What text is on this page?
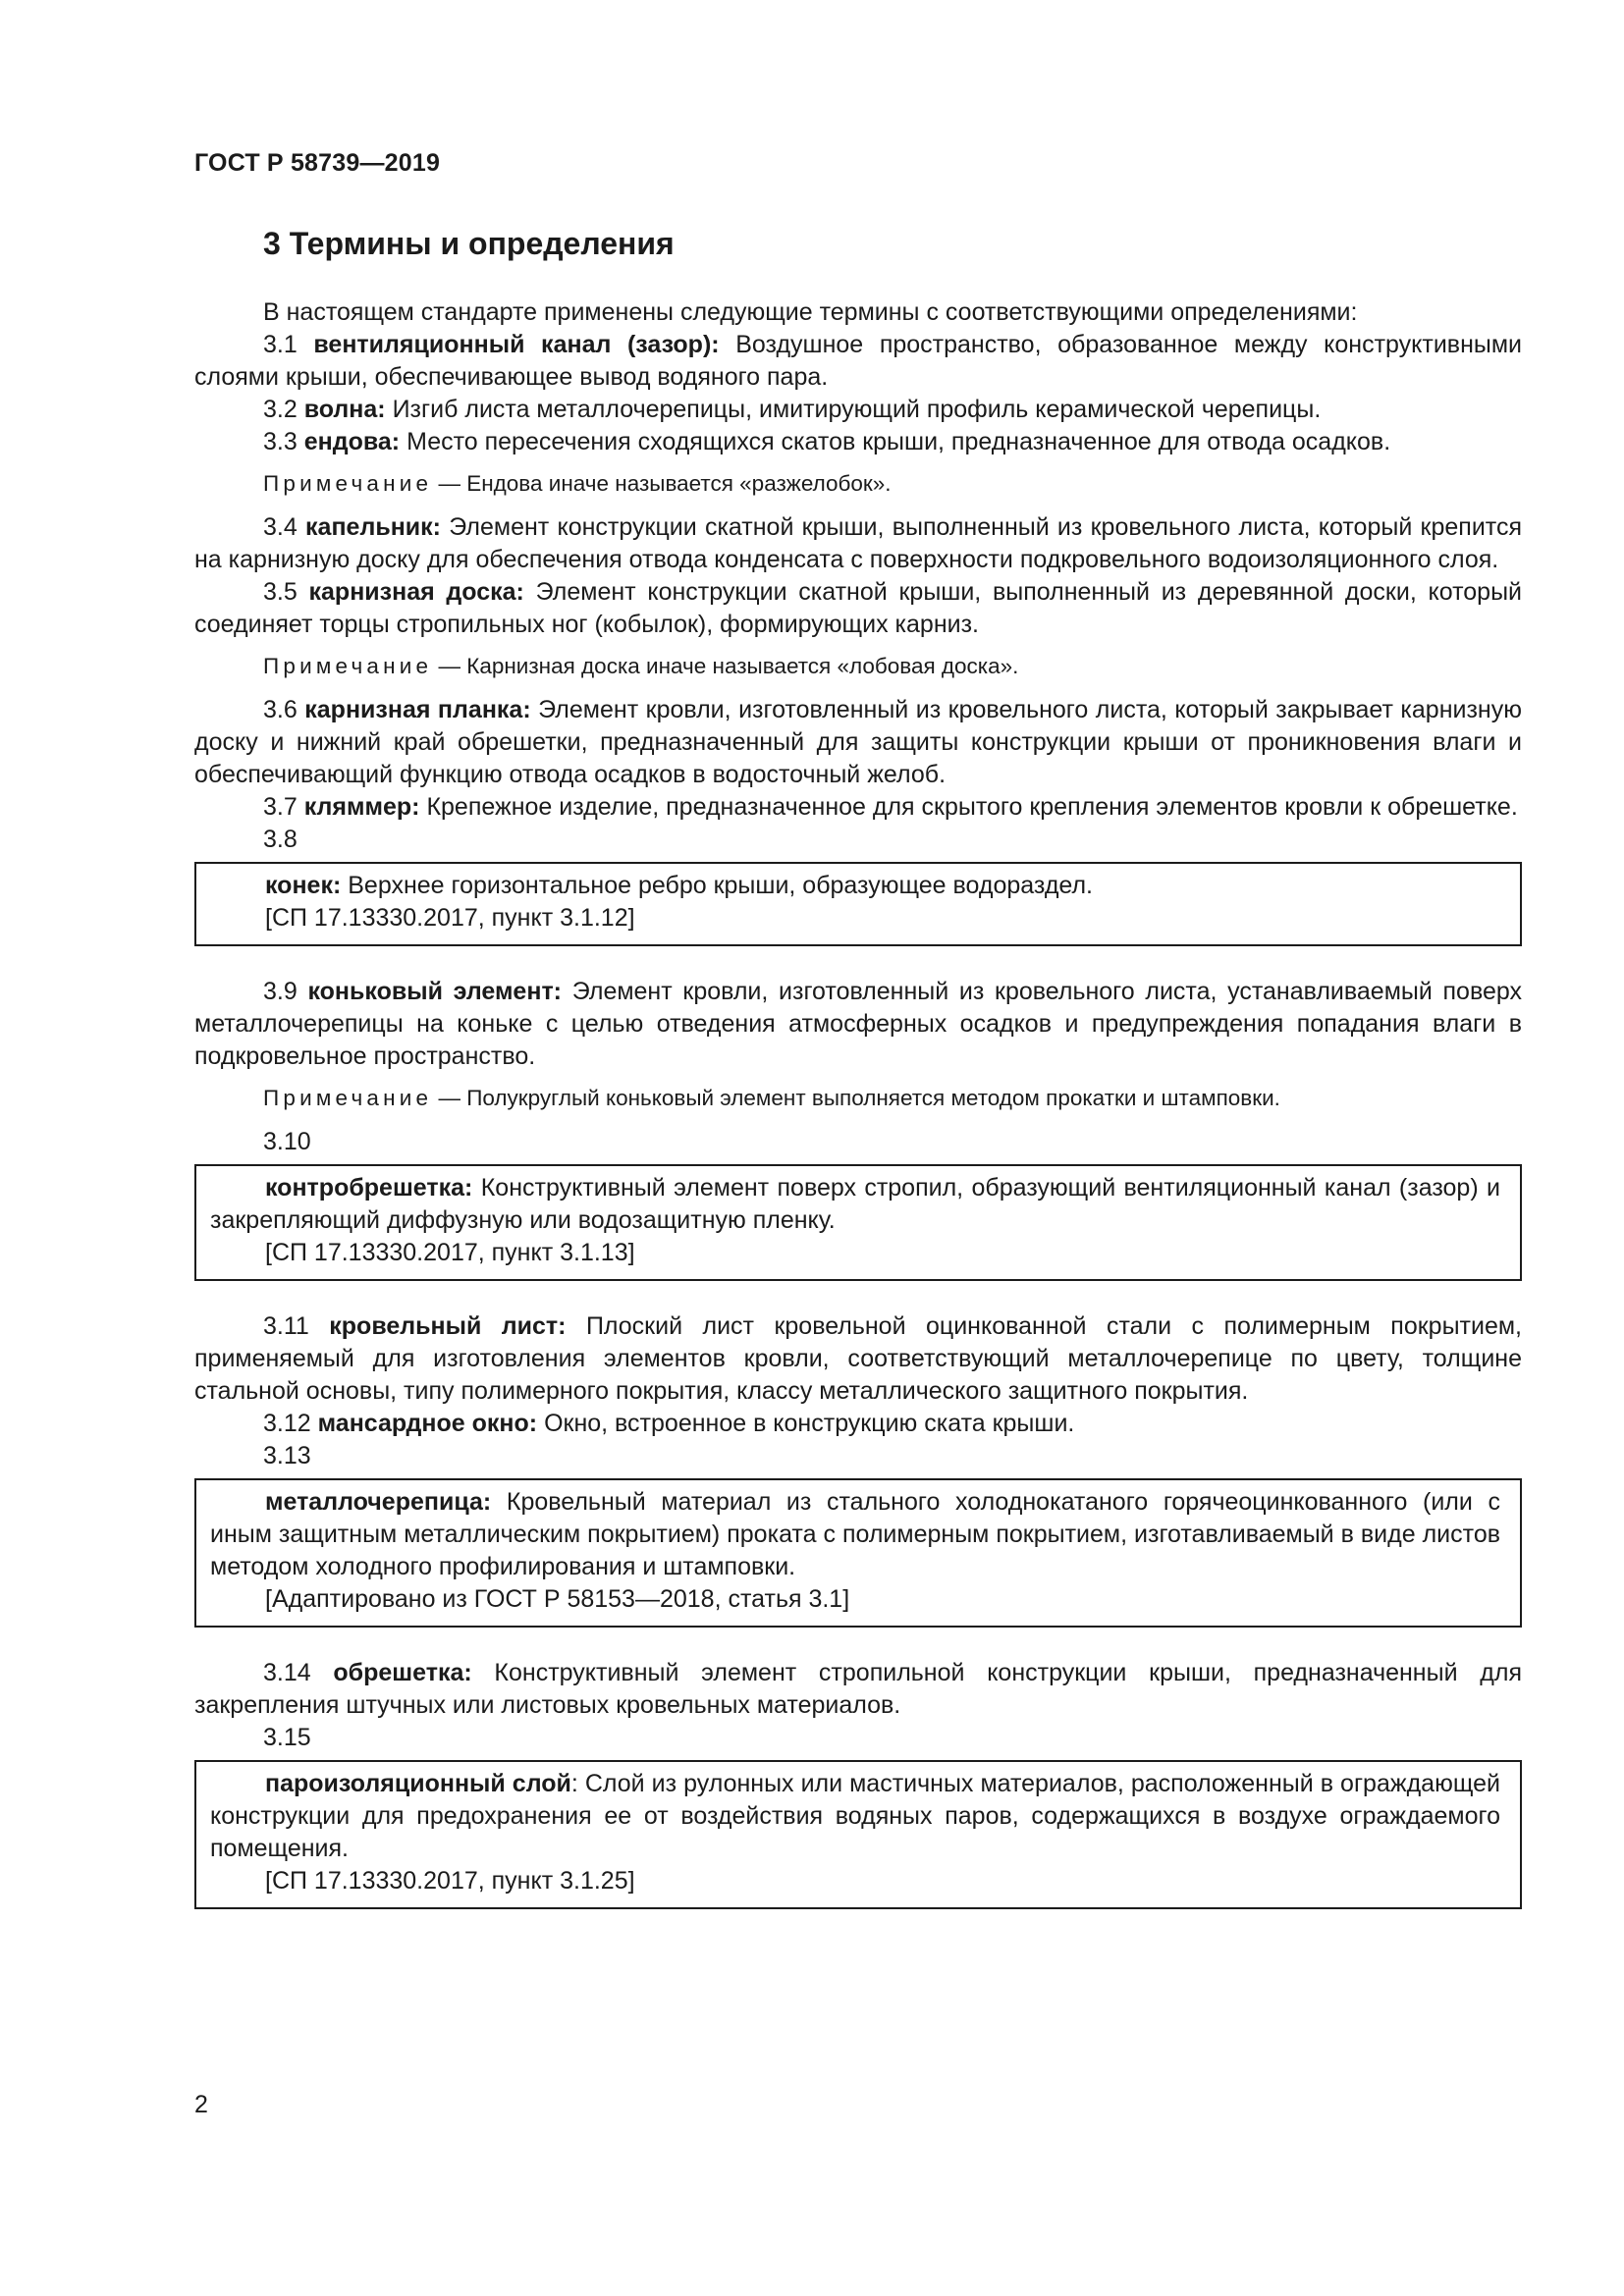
ГОСТ Р 58739—2019
3 Термины и определения

В настоящем стандарте применены следующие термины с соответствующими определениями:

3.1 вентиляционный канал (зазор): Воздушное пространство, образованное между конструктивными слоями крыши, обеспечивающее вывод водяного пара.

3.2 волна: Изгиб листа металлочерепицы, имитирующий профиль керамической черепицы.

3.3 ендова: Место пересечения сходящихся скатов крыши, предназначенное для отвода осадков.

Примечание — Ендова иначе называется «разжелобок».

3.4 капельник: Элемент конструкции скатной крыши, выполненный из кровельного листа, который крепится на карнизную доску для обеспечения отвода конденсата с поверхности подкровельного водоизоляционного слоя.

3.5 карнизная доска: Элемент конструкции скатной крыши, выполненный из деревянной доски, который соединяет торцы стропильных ног (кобылок), формирующих карниз.

Примечание — Карнизная доска иначе называется «лобовая доска».

3.6 карнизная планка: Элемент кровли, изготовленный из кровельного листа, который закрывает карнизную доску и нижний край обрешетки, предназначенный для защиты конструкции крыши от проникновения влаги и обеспечивающий функцию отвода осадков в водосточный желоб.

3.7 кляммер: Крепежное изделие, предназначенное для скрытого крепления элементов кровли к обрешетке.

3.8

конек: Верхнее горизонтальное ребро крыши, образующее водораздел.

[СП 17.13330.2017, пункт 3.1.12]

3.9 коньковый элемент: Элемент кровли, изготовленный из кровельного листа, устанавливаемый поверх металлочерепицы на коньке с целью отведения атмосферных осадков и предупреждения попадания влаги в подкровельное пространство.

Примечание — Полукруглый коньковый элемент выполняется методом прокатки и штамповки.

3.10

контробрешетка: Конструктивный элемент поверх стропил, образующий вентиляционный канал (зазор) и закрепляющий диффузную или водозащитную пленку.

[СП 17.13330.2017, пункт 3.1.13]

3.11 кровельный лист: Плоский лист кровельной оцинкованной стали с полимерным покрытием, применяемый для изготовления элементов кровли, соответствующий металлочерепице по цвету, толщине стальной основы, типу полимерного покрытия, классу металлического защитного покрытия.

3.12 мансардное окно: Окно, встроенное в конструкцию ската крыши.

3.13

металлочерепица: Кровельный материал из стального холоднокатаного горячеоцинкованного (или с иным защитным металлическим покрытием) проката с полимерным покрытием, изготавливаемый в виде листов методом холодного профилирования и штамповки.

[Адаптировано из ГОСТ Р 58153—2018, статья 3.1]

3.14 обрешетка: Конструктивный элемент стропильной конструкции крыши, предназначенный для закрепления штучных или листовых кровельных материалов.

3.15

пароизоляционный слой: Слой из рулонных или мастичных материалов, расположенный в ограждающей конструкции для предохранения ее от воздействия водяных паров, содержащихся в воздухе ограждаемого помещения.

[СП 17.13330.2017, пункт 3.1.25]

2
